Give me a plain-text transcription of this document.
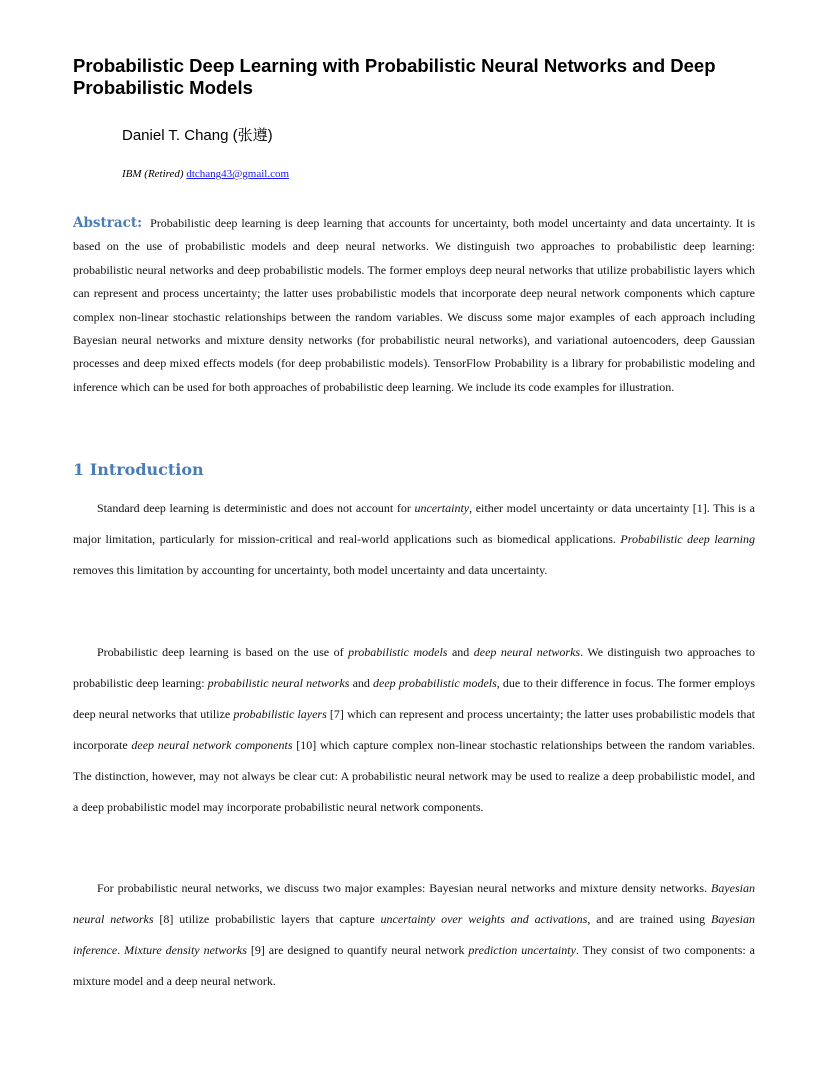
Probabilistic Deep Learning with Probabilistic Neural Networks and Deep Probabilistic Models
Daniel T. Chang (张遵)
IBM (Retired) dtchang43@gmail.com

Abstract: Probabilistic deep learning is deep learning that accounts for uncertainty, both model uncertainty and data uncertainty. It is based on the use of probabilistic models and deep neural networks. We distinguish two approaches to probabilistic deep learning: probabilistic neural networks and deep probabilistic models. The former employs deep neural networks that utilize probabilistic layers which can represent and process uncertainty; the latter uses probabilistic models that incorporate deep neural network components which capture complex non-linear stochastic relationships between the random variables. We discuss some major examples of each approach including Bayesian neural networks and mixture density networks (for probabilistic neural networks), and variational autoencoders, deep Gaussian processes and deep mixed effects models (for deep probabilistic models). TensorFlow Probability is a library for probabilistic modeling and inference which can be used for both approaches of probabilistic deep learning. We include its code examples for illustration.

1 Introduction

Standard deep learning is deterministic and does not account for uncertainty, either model uncertainty or data uncertainty [1]. This is a major limitation, particularly for mission-critical and real-world applications such as biomedical applications. Probabilistic deep learning removes this limitation by accounting for uncertainty, both model uncertainty and data uncertainty.

Probabilistic deep learning is based on the use of probabilistic models and deep neural networks. We distinguish two approaches to probabilistic deep learning: probabilistic neural networks and deep probabilistic models, due to their difference in focus. The former employs deep neural networks that utilize probabilistic layers [7] which can represent and process uncertainty; the latter uses probabilistic models that incorporate deep neural network components [10] which capture complex non-linear stochastic relationships between the random variables. The distinction, however, may not always be clear cut: A probabilistic neural network may be used to realize a deep probabilistic model, and a deep probabilistic model may incorporate probabilistic neural network components.

For probabilistic neural networks, we discuss two major examples: Bayesian neural networks and mixture density networks. Bayesian neural networks [8] utilize probabilistic layers that capture uncertainty over weights and activations, and are trained using Bayesian inference. Mixture density networks [9] are designed to quantify neural network prediction uncertainty. They consist of two components: a mixture model and a deep neural network.
